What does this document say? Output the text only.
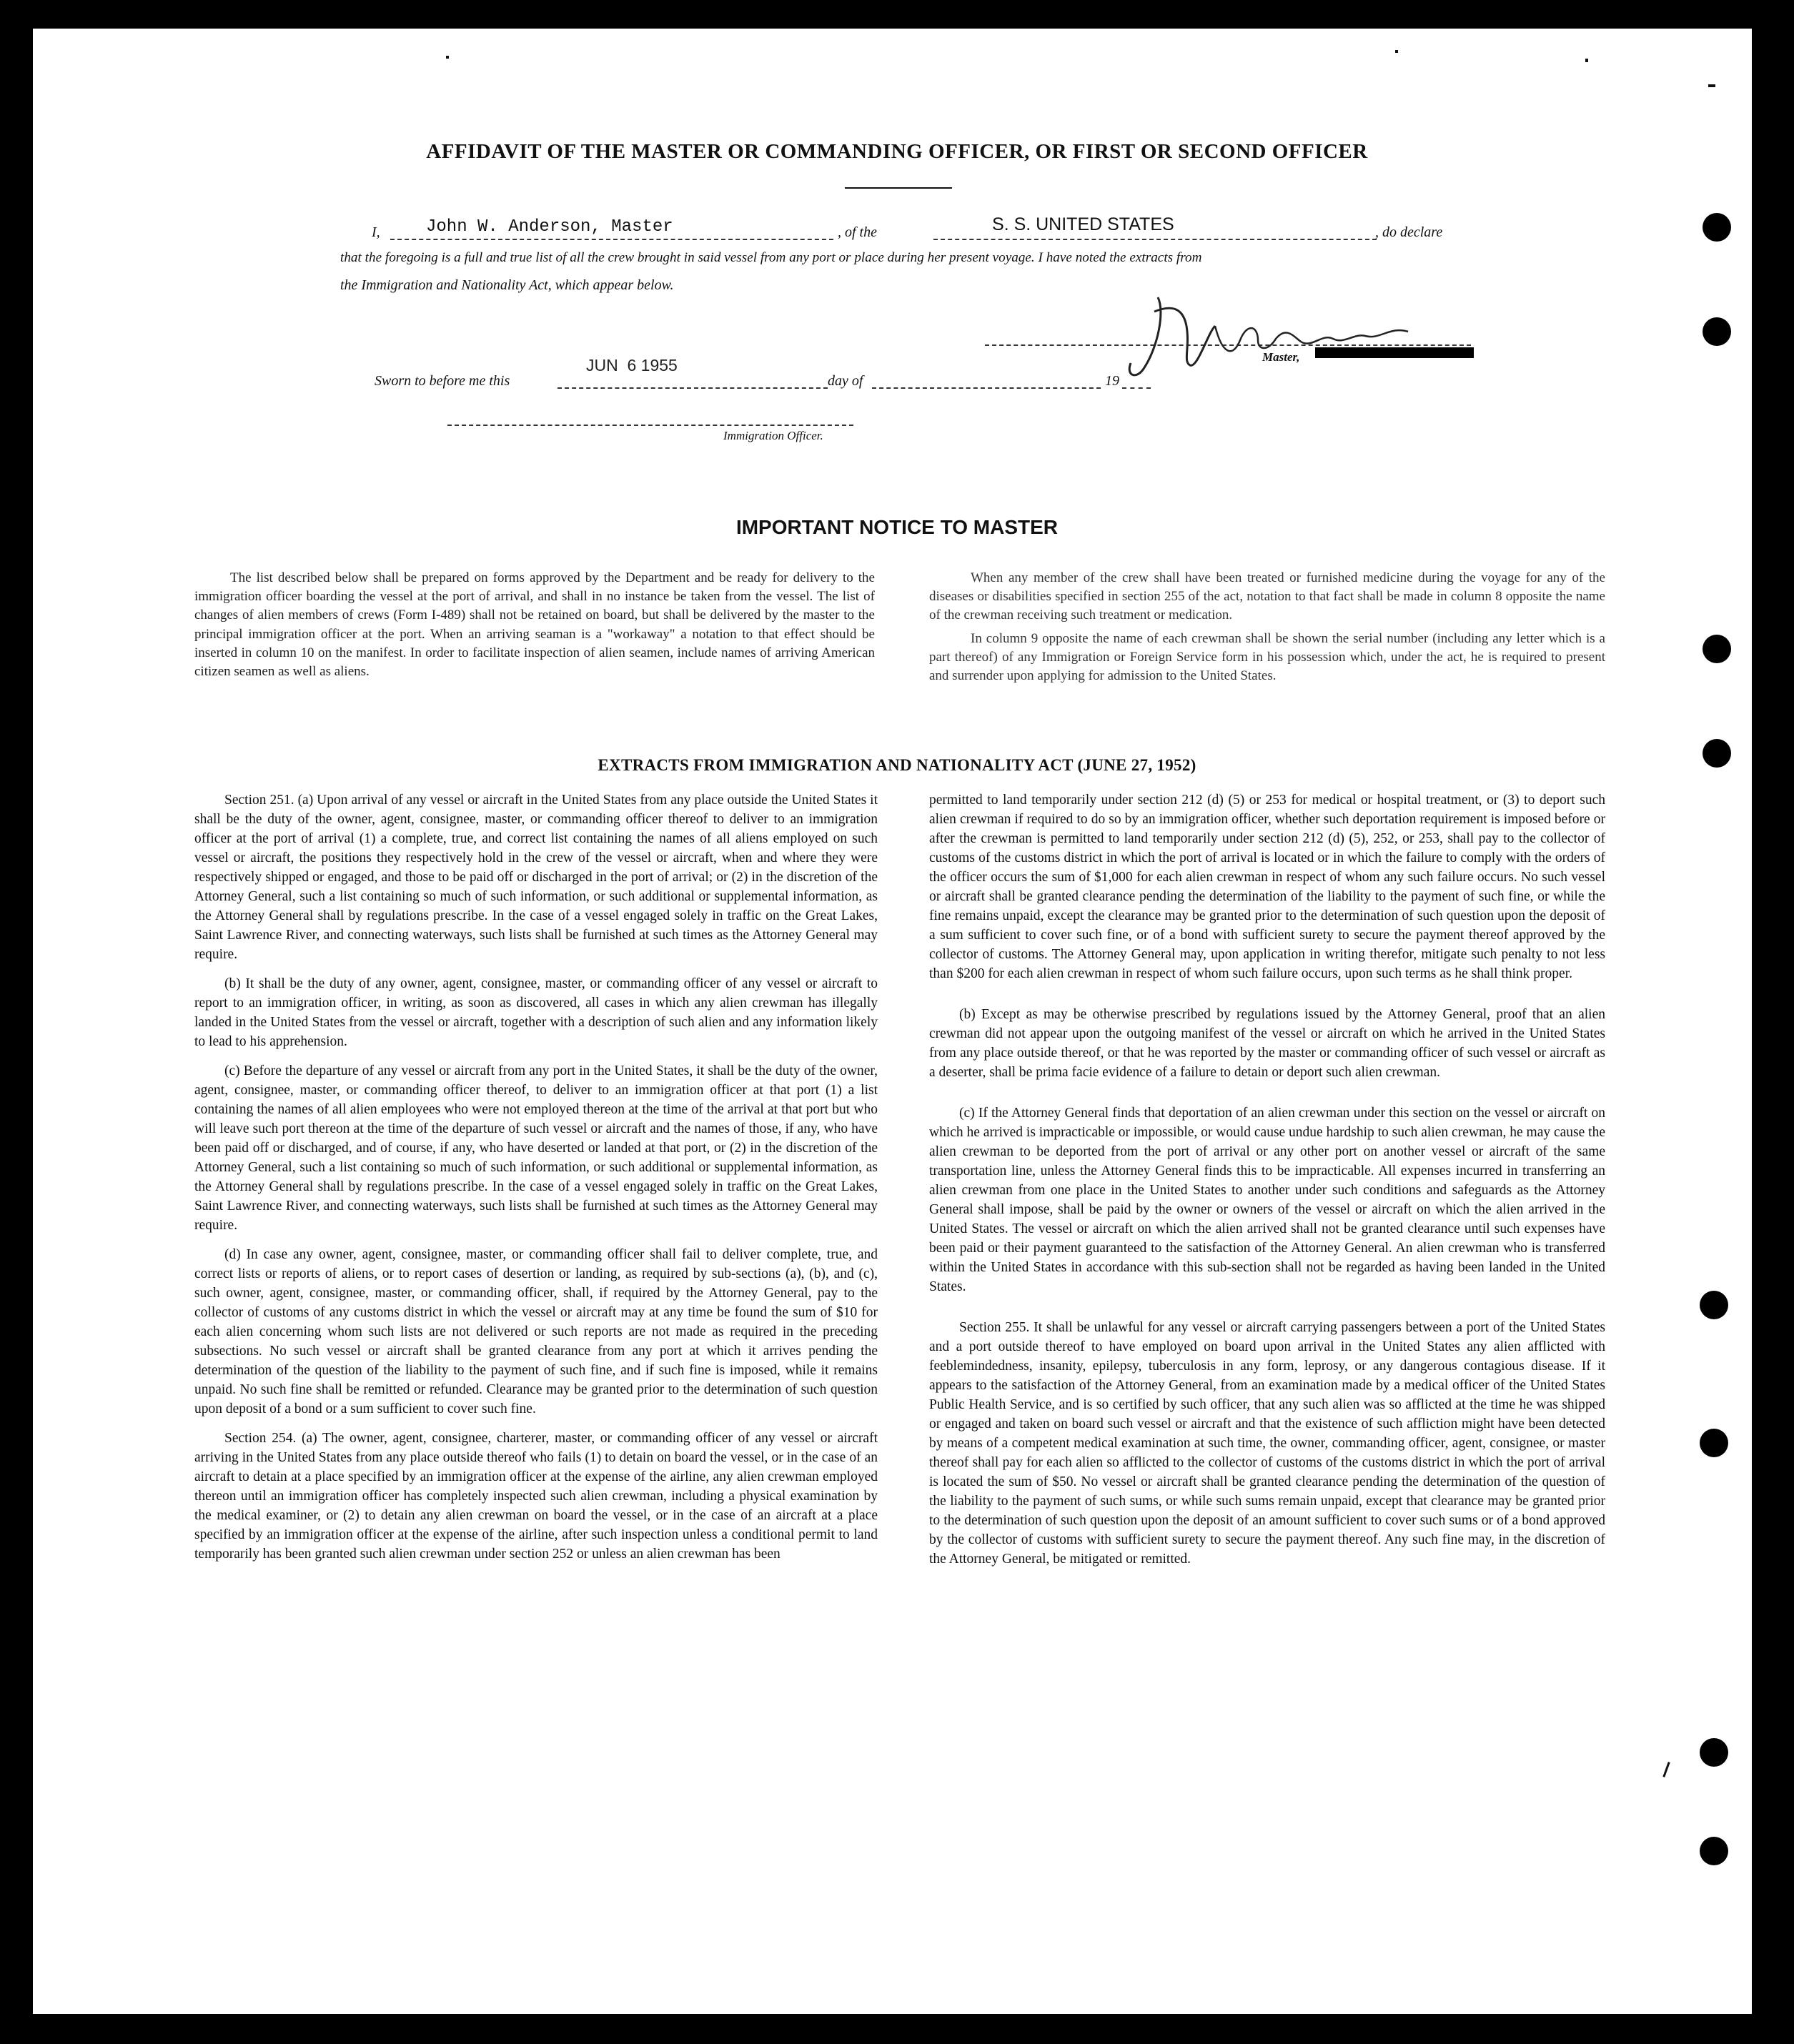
AFFIDAVIT OF THE MASTER OR COMMANDING OFFICER, OR FIRST OR SECOND OFFICER
I,	John W. Anderson, Master	, of the	S. S. UNITED STATES	, do declare
that the foregoing is a full and true list of all the crew brought in said vessel from any port or place during her present voyage. I have noted the extracts from
the Immigration and Nationality Act, which appear below.
Master,
Sworn to before me this
JUN  6 1955
day of	19
Immigration Officer.
IMPORTANT NOTICE TO MASTER

The list described below shall be prepared on forms approved by the Department and be ready for delivery to the immigration officer boarding the vessel at the port of arrival, and shall in no instance be taken from the vessel. The list of changes of alien members of crews (Form I-489) shall not be retained on board, but shall be delivered by the master to the principal immigration officer at the port. When an arriving seaman is a "workaway" a notation to that effect should be inserted in column 10 on the manifest. In order to facilitate inspection of alien seamen, include names of arriving American citizen seamen as well as aliens.

When any member of the crew shall have been treated or furnished medicine during the voyage for any of the diseases or disabilities specified in section 255 of the act, notation to that fact shall be made in column 8 opposite the name of the crewman receiving such treatment or medication.

In column 9 opposite the name of each crewman shall be shown the serial number (including any letter which is a part thereof) of any Immigration or Foreign Service form in his possession which, under the act, he is required to present and surrender upon applying for admission to the United States.

EXTRACTS FROM IMMIGRATION AND NATIONALITY ACT (JUNE 27, 1952)

Section 251. (a) Upon arrival of any vessel or aircraft in the United States from any place outside the United States it shall be the duty of the owner, agent, consignee, master, or commanding officer thereof to deliver to an immigration officer at the port of arrival (1) a complete, true, and correct list containing the names of all aliens employed on such vessel or aircraft, the positions they respectively hold in the crew of the vessel or aircraft, when and where they were respectively shipped or engaged, and those to be paid off or discharged in the port of arrival; or (2) in the discretion of the Attorney General, such a list containing so much of such information, or such additional or supplemental information, as the Attorney General shall by regulations prescribe. In the case of a vessel engaged solely in traffic on the Great Lakes, Saint Lawrence River, and connecting waterways, such lists shall be furnished at such times as the Attorney General may require.

(b) It shall be the duty of any owner, agent, consignee, master, or commanding officer of any vessel or aircraft to report to an immigration officer, in writing, as soon as discovered, all cases in which any alien crewman has illegally landed in the United States from the vessel or aircraft, together with a description of such alien and any information likely to lead to his apprehension.

(c) Before the departure of any vessel or aircraft from any port in the United States, it shall be the duty of the owner, agent, consignee, master, or commanding officer thereof, to deliver to an immigration officer at that port (1) a list containing the names of all alien employees who were not employed thereon at the time of the arrival at that port but who will leave such port thereon at the time of the departure of such vessel or aircraft and the names of those, if any, who have been paid off or discharged, and of course, if any, who have deserted or landed at that port, or (2) in the discretion of the Attorney General, such a list containing so much of such information, or such additional or supplemental information, as the Attorney General shall by regulations prescribe. In the case of a vessel engaged solely in traffic on the Great Lakes, Saint Lawrence River, and connecting waterways, such lists shall be furnished at such times as the Attorney General may require.

(d) In case any owner, agent, consignee, master, or commanding officer shall fail to deliver complete, true, and correct lists or reports of aliens, or to report cases of desertion or landing, as required by sub-sections (a), (b), and (c), such owner, agent, consignee, master, or commanding officer, shall, if required by the Attorney General, pay to the collector of customs of any customs district in which the vessel or aircraft may at any time be found the sum of $10 for each alien concerning whom such lists are not delivered or such reports are not made as required in the preceding subsections. No such vessel or aircraft shall be granted clearance from any port at which it arrives pending the determination of the question of the liability to the payment of such fine, and if such fine is imposed, while it remains unpaid. No such fine shall be remitted or refunded. Clearance may be granted prior to the determination of such question upon deposit of a bond or a sum sufficient to cover such fine.

Section 254. (a) The owner, agent, consignee, charterer, master, or commanding officer of any vessel or aircraft arriving in the United States from any place outside thereof who fails (1) to detain on board the vessel, or in the case of an aircraft to detain at a place specified by an immigration officer at the expense of the airline, any alien crewman employed thereon until an immigration officer has completely inspected such alien crewman, including a physical examination by the medical examiner, or (2) to detain any alien crewman on board the vessel, or in the case of an aircraft at a place specified by an immigration officer at the expense of the airline, after such inspection unless a conditional permit to land temporarily has been granted such alien crewman under section 252 or unless an alien crewman has been

permitted to land temporarily under section 212 (d) (5) or 253 for medical or hospital treatment, or (3) to deport such alien crewman if required to do so by an immigration officer, whether such deportation requirement is imposed before or after the crewman is permitted to land temporarily under section 212 (d) (5), 252, or 253, shall pay to the collector of customs of the customs district in which the port of arrival is located or in which the failure to comply with the orders of the officer occurs the sum of $1,000 for each alien crewman in respect of whom any such failure occurs. No such vessel or aircraft shall be granted clearance pending the determination of the liability to the payment of such fine, or while the fine remains unpaid, except the clearance may be granted prior to the determination of such question upon the deposit of a sum sufficient to cover such fine, or of a bond with sufficient surety to secure the payment thereof approved by the collector of customs. The Attorney General may, upon application in writing therefor, mitigate such penalty to not less than $200 for each alien crewman in respect of whom such failure occurs, upon such terms as he shall think proper.

(b) Except as may be otherwise prescribed by regulations issued by the Attorney General, proof that an alien crewman did not appear upon the outgoing manifest of the vessel or aircraft on which he arrived in the United States from any place outside thereof, or that he was reported by the master or commanding officer of such vessel or aircraft as a deserter, shall be prima facie evidence of a failure to detain or deport such alien crewman.

(c) If the Attorney General finds that deportation of an alien crewman under this section on the vessel or aircraft on which he arrived is impracticable or impossible, or would cause undue hardship to such alien crewman, he may cause the alien crewman to be deported from the port of arrival or any other port on another vessel or aircraft of the same transportation line, unless the Attorney General finds this to be impracticable. All expenses incurred in transferring an alien crewman from one place in the United States to another under such conditions and safeguards as the Attorney General shall impose, shall be paid by the owner or owners of the vessel or aircraft on which the alien arrived in the United States. The vessel or aircraft on which the alien arrived shall not be granted clearance until such expenses have been paid or their payment guaranteed to the satisfaction of the Attorney General. An alien crewman who is transferred within the United States in accordance with this sub-section shall not be regarded as having been landed in the United States.

Section 255. It shall be unlawful for any vessel or aircraft carrying passengers between a port of the United States and a port outside thereof to have employed on board upon arrival in the United States any alien afflicted with feeblemindedness, insanity, epilepsy, tuberculosis in any form, leprosy, or any dangerous contagious disease. If it appears to the satisfaction of the Attorney General, from an examination made by a medical officer of the United States Public Health Service, and is so certified by such officer, that any such alien was so afflicted at the time he was shipped or engaged and taken on board such vessel or aircraft and that the existence of such affliction might have been detected by means of a competent medical examination at such time, the owner, commanding officer, agent, consignee, or master thereof shall pay for each alien so afflicted to the collector of customs of the customs district in which the port of arrival is located the sum of $50. No vessel or aircraft shall be granted clearance pending the determination of the question of the liability to the payment of such sums, or while such sums remain unpaid, except that clearance may be granted prior to the determination of such question upon the deposit of an amount sufficient to cover such sums or of a bond approved by the collector of customs with sufficient surety to secure the payment thereof. Any such fine may, in the discretion of the Attorney General, be mitigated or remitted.
